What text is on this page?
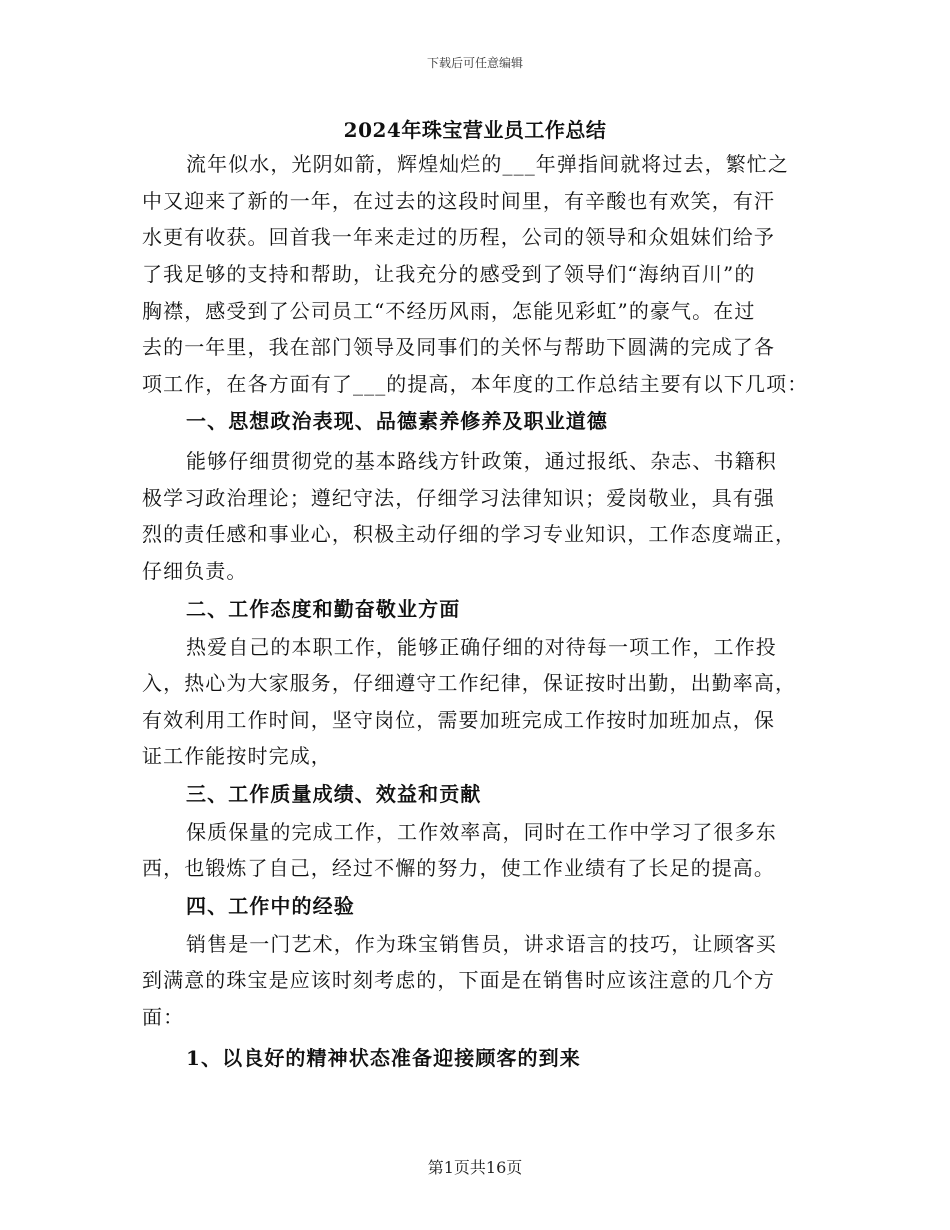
下载后可任意编辑
2024年珠宝营业员工作总结
流年似水，光阴如箭，辉煌灿烂的___年弹指间就将过去，繁忙之
中又迎来了新的一年，在过去的这段时间里，有辛酸也有欢笑，有汗
水更有收获。回首我一年来走过的历程，公司的领导和众姐妹们给予
了我足够的支持和帮助，让我充分的感受到了领导们“海纳百川”的
胸襟，感受到了公司员工“不经历风雨，怎能见彩虹”的豪气。在过
去的一年里，我在部门领导及同事们的关怀与帮助下圆满的完成了各
项工作，在各方面有了___的提高，本年度的工作总结主要有以下几项：
一、思想政治表现、品德素养修养及职业道德
能够仔细贯彻党的基本路线方针政策，通过报纸、杂志、书籍积
极学习政治理论；遵纪守法，仔细学习法律知识；爱岗敬业，具有强
烈的责任感和事业心，积极主动仔细的学习专业知识，工作态度端正，
仔细负责。
二、工作态度和勤奋敬业方面
热爱自己的本职工作，能够正确仔细的对待每一项工作，工作投
入，热心为大家服务，仔细遵守工作纪律，保证按时出勤，出勤率高，
有效利用工作时间，坚守岗位，需要加班完成工作按时加班加点，保
证工作能按时完成，
三、工作质量成绩、效益和贡献
保质保量的完成工作，工作效率高，同时在工作中学习了很多东
西，也锻炼了自己，经过不懈的努力，使工作业绩有了长足的提高。
四、工作中的经验
销售是一门艺术，作为珠宝销售员，讲求语言的技巧，让顾客买
到满意的珠宝是应该时刻考虑的，下面是在销售时应该注意的几个方
面：
1、以良好的精神状态准备迎接顾客的到来
第1页共16页
